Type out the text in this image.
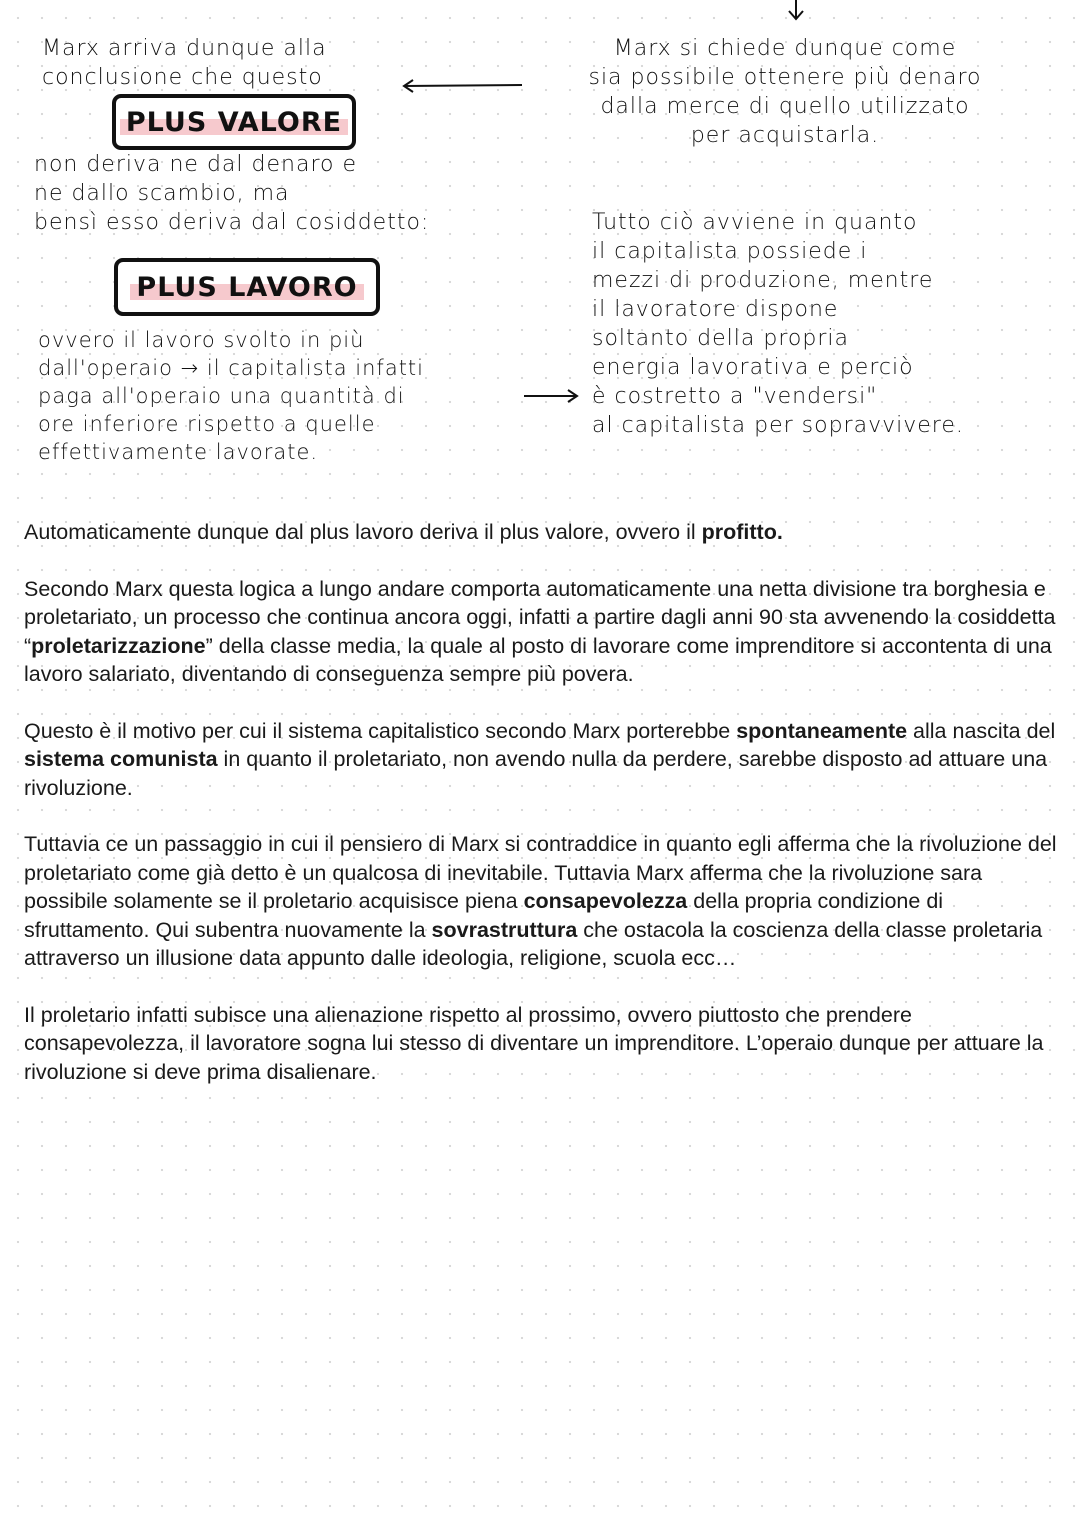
Marx arriva dunque alla
conclusione che questo
PLUS VALORE
non deriva ne dal denaro e
ne dallo scambio, ma
bensì esso deriva dal cosiddetto:
PLUS LAVORO
ovvero il lavoro svolto in più
dall'operaio → il capitalista infatti
paga all'operaio una quantità di
ore inferiore rispetto a quelle
effettivamente lavorate.
Marx si chiede dunque come
sia possibile ottenere più denaro
dalla merce di quello utilizzato
per acquistarla.
Tutto ciò avviene in quanto
il capitalista possiede i
mezzi di produzione, mentre
il lavoratore dispone
soltanto della propria
energia lavorativa e perciò
è costretto a "vendersi"
al capitalista per sopravvivere.

Automaticamente dunque dal plus lavoro deriva il plus valore, ovvero il profitto.

Secondo Marx questa logica a lungo andare comporta automaticamente una netta divisione tra borghesia e proletariato, un processo che continua ancora oggi, infatti a partire dagli anni 90 sta avvenendo la cosiddetta “proletarizzazione” della classe media, la quale al posto di lavorare come imprenditore si accontenta di una lavoro salariato, diventando di conseguenza sempre più povera.

Questo è il motivo per cui il sistema capitalistico secondo Marx porterebbe spontaneamente alla nascita del sistema comunista in quanto il proletariato, non avendo nulla da perdere, sarebbe disposto ad attuare una rivoluzione.

Tuttavia ce un passaggio in cui il pensiero di Marx si contraddice in quanto egli afferma che la rivoluzione del proletariato come già detto è un qualcosa di inevitabile. Tuttavia Marx afferma che la rivoluzione sara possibile solamente se il proletario acquisisce piena consapevolezza della propria condizione di sfruttamento. Qui subentra nuovamente la sovrastruttura che ostacola la coscienza della classe proletaria attraverso un illusione data appunto dalle ideologia, religione, scuola ecc…

Il proletario infatti subisce una alienazione rispetto al prossimo, ovvero piuttosto che prendere consapevolezza, il lavoratore sogna lui stesso di diventare un imprenditore. L’operaio dunque per attuare la rivoluzione si deve prima disalienare.
